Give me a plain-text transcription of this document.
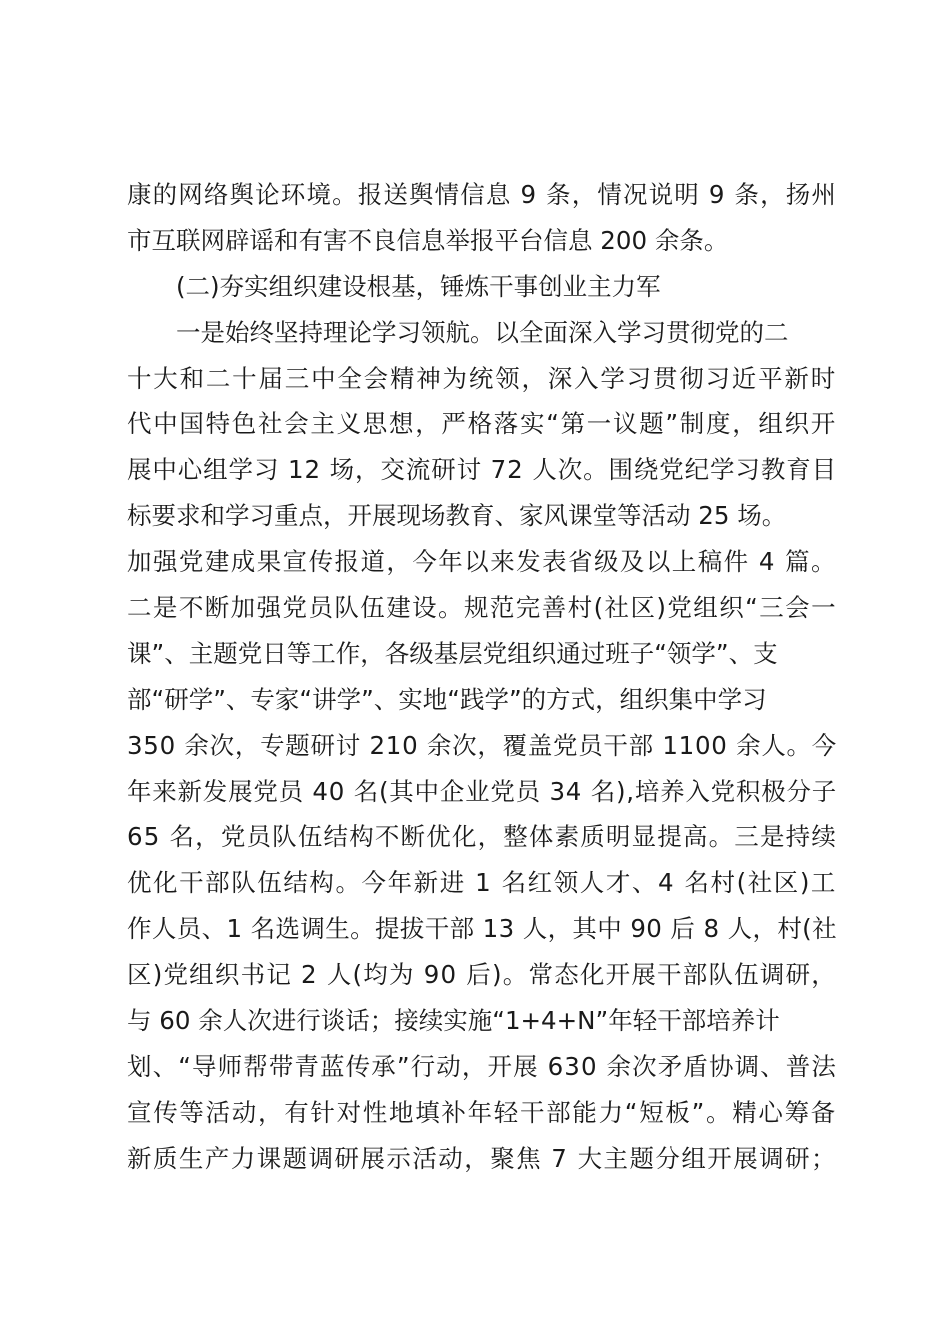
康的网络舆论环境。报送舆情信息 9 条，情况说明 9 条，扬州
市互联网辟谣和有害不良信息举报平台信息 200 余条。
(二)夯实组织建设根基，锤炼干事创业主力军
一是始终坚持理论学习领航。以全面深入学习贯彻党的二
十大和二十届三中全会精神为统领，深入学习贯彻习近平新时
代中国特色社会主义思想，严格落实“第一议题”制度，组织开
展中心组学习 12 场，交流研讨 72 人次。围绕党纪学习教育目
标要求和学习重点，开展现场教育、家风课堂等活动 25 场。
加强党建成果宣传报道，今年以来发表省级及以上稿件 4 篇。
二是不断加强党员队伍建设。规范完善村(社区)党组织“三会一
课”、主题党日等工作，各级基层党组织通过班子“领学”、支
部“研学”、专家“讲学”、实地“践学”的方式，组织集中学习
350 余次，专题研讨 210 余次，覆盖党员干部 1100 余人。今
年来新发展党员 40 名(其中企业党员 34 名),培养入党积极分子
65 名，党员队伍结构不断优化，整体素质明显提高。三是持续
优化干部队伍结构。今年新进 1 名红领人才、4 名村(社区)工
作人员、1 名选调生。提拔干部 13 人，其中 90 后 8 人，村(社
区)党组织书记 2 人(均为 90 后)。常态化开展干部队伍调研，
与 60 余人次进行谈话；接续实施“1+4+N”年轻干部培养计
划、“导师帮带青蓝传承”行动，开展 630 余次矛盾协调、普法
宣传等活动，有针对性地填补年轻干部能力“短板”。精心筹备
新质生产力课题调研展示活动，聚焦 7 大主题分组开展调研；
